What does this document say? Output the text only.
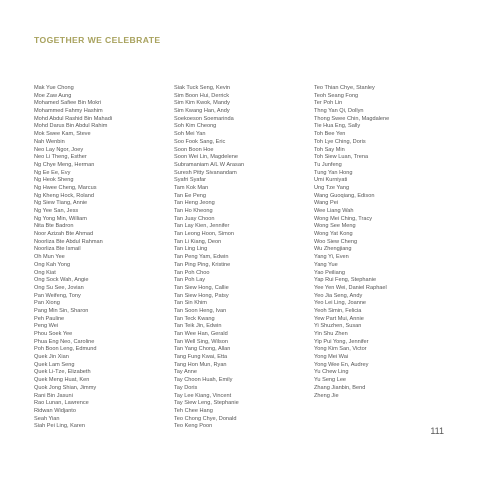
TOGETHER WE CELEBRATE
Mak Yue Chong
Moe Zaw Aung
Mohamed Safiee Bin Mokri
Mohammed Fahmy Hashim
Mohd Abdul Rashid Bin Mahadi
Mohd Darus Bin Abdul Rahim
Mok Swee Kam, Steve
Nah Wenbin
Neo Lay Ngor, Joey
Neo Li Theng, Esther
Ng Chye Meng, Herman
Ng Ee Ee, Evy
Ng Heok Sheng
Ng Hwee Cheng, Marcus
Ng Kheng Hock, Roland
Ng Siew Tiang, Annie
Ng Yee San, Jess
Ng Yong Min, William
Nita Bte Badron
Noor Azizah Bte Ahmad
Noorliza Bte Abdul Rahman
Noorliza Bte Ismail
Oh Mun Yee
Ong Kah Yong
Ong Kiat
Ong Sock Wah, Angie
Ong Su See, Jovian
Pan Weifeng, Tony
Pan Xiong
Pang Min Sin, Sharon
Peh Pauline
Peng Wei
Phou Soek Yee
Phua Eng Neo, Caroline
Poh Boon Leng, Edmund
Quek Jin Xian
Quek Lam Seng
Quek Li-Tze, Elizabeth
Quek Meng Huat, Ken
Quok Jong Shian, Jimmy
Rani Bin Jasuni
Rao Lunan, Lawrence
Ridwan Widjanto
Seah Yian
Siah Pei Ling, Karen
Siak Tuck Seng, Kevin
Sim Boon Hui, Derrick
Sim Kim Kwok, Mandy
Sim Kwang Han, Andy
Soekoeson Soemarinda
Soh Kim Cheong
Soh Mei Yan
Soo Fook Sang, Eric
Soon Boon Hoe
Soon Wei Lin, Magdelene
Subramaniam A/L W Arasan
Suresh Pitty Sivanandam
Syafri Syafar
Tam Kok Man
Tan Ee Peng
Tan Heng Jeong
Tan Ho Kheong
Tan Juay Choon
Tan Lay Kien, Jennifer
Tan Leong Hoon, Simon
Tan Li Kiang, Deon
Tan Ling Ling
Tan Peng Yam, Edwin
Tan Ping Ping, Kristine
Tan Poh Choo
Tan Poh Lay
Tan Siew Hong, Callie
Tan Siew Hong, Patsy
Tan Sin Khim
Tan Soon Heng, Ivan
Tan Teck Kwang
Tan Teik Jin, Edwin
Tan Wee Han, Gerald
Tan Well Sing, Wilson
Tan Yang Chong, Allan
Tang Fung Kwai, Etta
Tang Hon Mun, Ryan
Tay Anne
Tay Choon Huah, Emily
Tay Doris
Tay Lee Kiang, Vincent
Tay Siew Leng, Stephanie
Teh Chee Hang
Teo Chong Chye, Donald
Teo Keng Poon
Teo Thian Chye, Stanley
Teoh Seang Fong
Ter Poh Lin
Thng Yan Qi, Dollyn
Thong Swee Chin, Magdalene
Tie Hua Eng, Sally
Toh Bee Yen
Toh Lye Ching, Doris
Toh Say Min
Toh Siew Luan, Trena
Tu Junfeng
Tung Yan Hong
Umi Kurniyati
Ung Tze Yang
Wang Guoqiang, Edison
Wang Pei
Wee Liang Wah
Wong Mei Ching, Tracy
Wong See Meng
Wong Yat Kong
Woo Siew Cheng
Wu Zhengjiang
Yang Yi, Even
Yang Yue
Yao Peiliang
Yap Rui Feng, Stephanie
Yee Yen Wei, Daniel Raphael
Yeo Jia Seng, Andy
Yeo Lei Ling, Joanne
Yeoh Simin, Felicia
Yew Part Mui, Annie
Yi Shuzhen, Susan
Yin Shu Zhen
Yip Pui Yong, Jennifer
Yong Kim San, Victor
Yong Mei Wai
Yong Wee En, Audrey
Yu Chew Ling
Yu Seng Lee
Zhang Jianbin, Bend
Zheng Jie
111
